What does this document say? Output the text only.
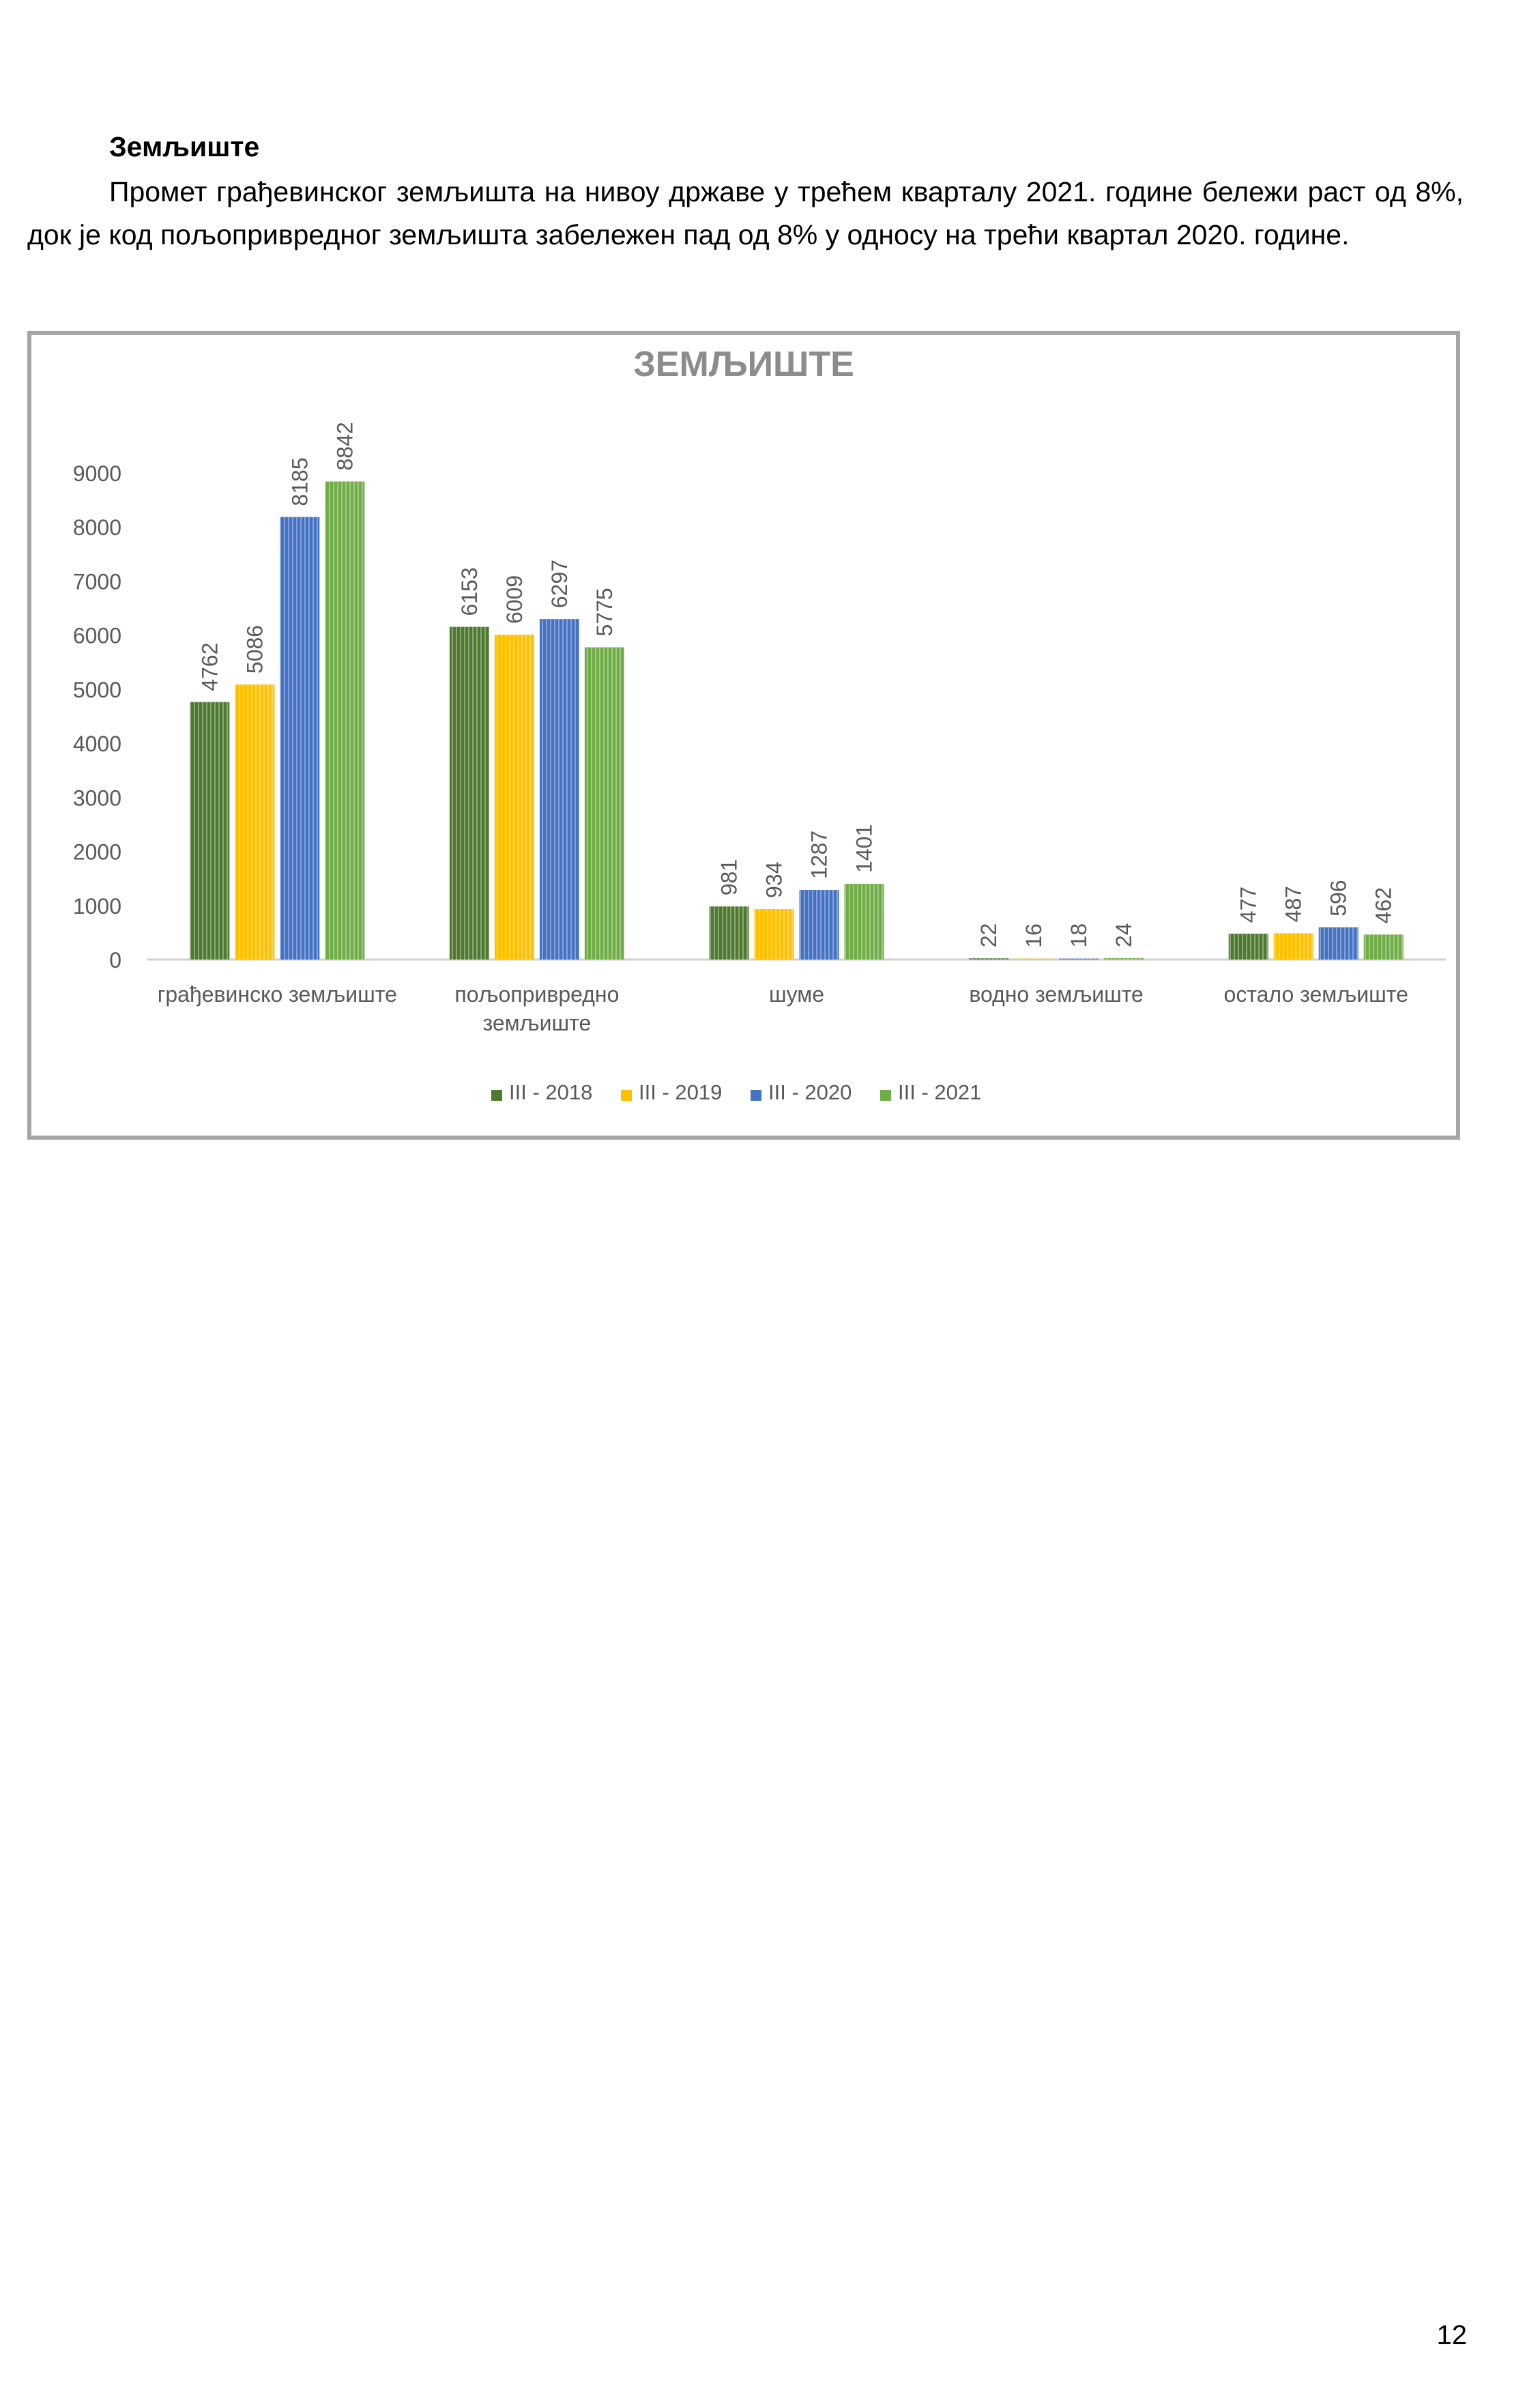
Земљиште
Промет грађевинског земљишта на нивоу државе у трећем кварталу 2021. године бележи раст од 8%, док је код пољопривредног земљишта забележен пад од 8% у односу на трећи квартал 2020. године.
ЗЕМЉИШТЕ
0
1000
2000
3000
4000
5000
6000
7000
8000
9000
4762 5086
8185
8842
грађевинско земљиште
6153 6009 6297
5775
пољопривредно
земљиште
981 934
1287 1401
шуме
22 16 18 24
водно земљиште
477 487 596 462
остало земљиште
III - 2018 III - 2019 III - 2020 III - 2021
12
